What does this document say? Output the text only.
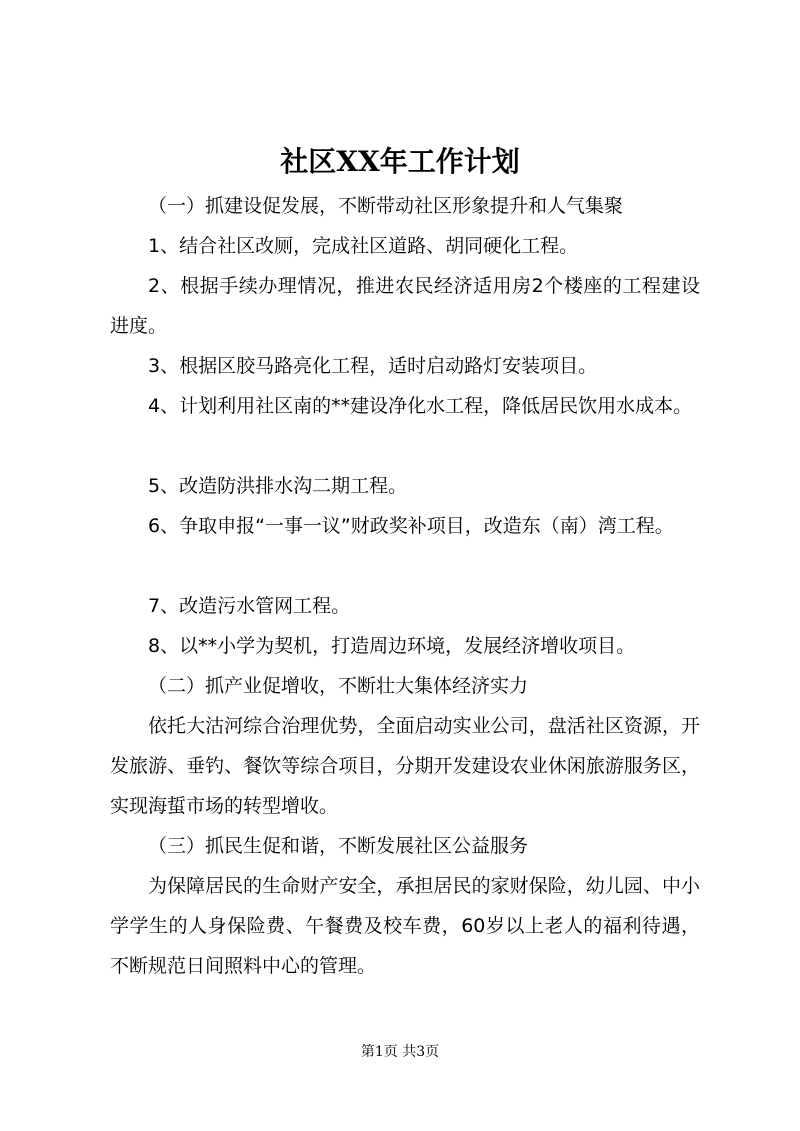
社区XX年工作计划

（一）抓建设促发展，不断带动社区形象提升和人气集聚

1、结合社区改厕，完成社区道路、胡同硬化工程。

2、根据手续办理情况，推进农民经济适用房2个楼座的工程建设进度。

3、根据区胶马路亮化工程，适时启动路灯安装项目。

4、计划利用社区南的**建设净化水工程，降低居民饮用水成本。

5、改造防洪排水沟二期工程。

6、争取申报“一事一议”财政奖补项目，改造东（南）湾工程。

7、改造污水管网工程。

8、以**小学为契机，打造周边环境，发展经济增收项目。

（二）抓产业促增收，不断壮大集体经济实力

依托大沽河综合治理优势，全面启动实业公司，盘活社区资源，开发旅游、垂钓、餐饮等综合项目，分期开发建设农业休闲旅游服务区，实现海蜇市场的转型增收。

（三）抓民生促和谐，不断发展社区公益服务

为保障居民的生命财产安全，承担居民的家财保险，幼儿园、中小学学生的人身保险费、午餐费及校车费，60岁以上老人的福利待遇，不断规范日间照料中心的管理。

第1页 共3页
